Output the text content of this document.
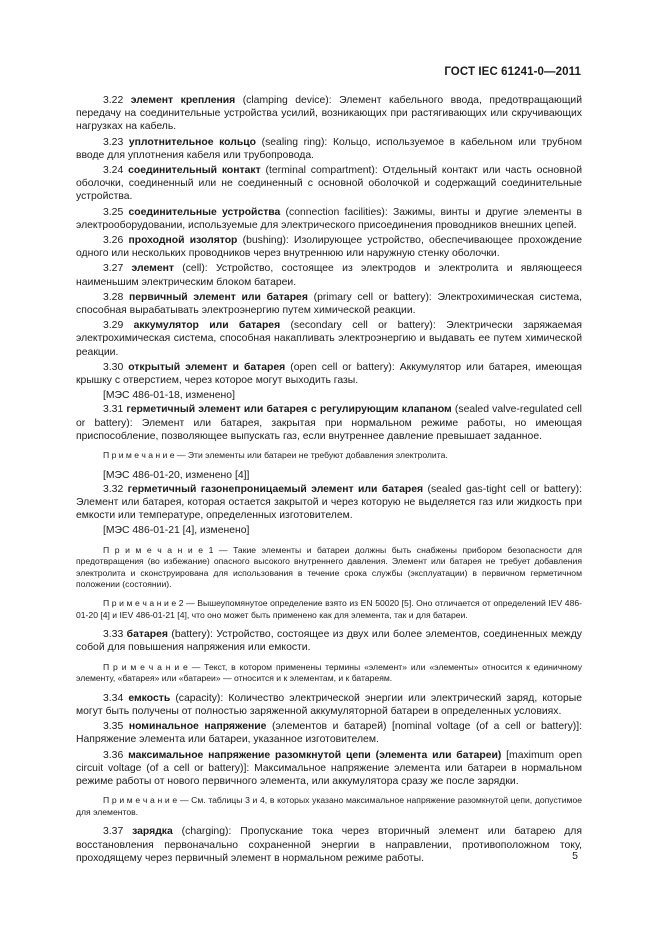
ГОСТ IEC 61241-0—2011

3.22 элемент крепления (clamping device): Элемент кабельного ввода, предотвращающий передачу на соединительные устройства усилий, возникающих при растягивающих или скручивающих нагрузках на кабель.

3.23 уплотнительное кольцо (sealing ring): Кольцо, используемое в кабельном или трубном вводе для уплотнения кабеля или трубопровода.

3.24 соединительный контакт (terminal compartment): Отдельный контакт или часть основной оболочки, соединенный или не соединенный с основной оболочкой и содержащий соединительные устройства.

3.25 соединительные устройства (connection facilities): Зажимы, винты и другие элементы в электрооборудовании, используемые для электрического присоединения проводников внешних цепей.

3.26 проходной изолятор (bushing): Изолирующее устройство, обеспечивающее прохождение одного или нескольких проводников через внутреннюю или наружную стенку оболочки.

3.27 элемент (cell): Устройство, состоящее из электродов и электролита и являющееся наименьшим электрическим блоком батареи.

3.28 первичный элемент или батарея (primary cell or battery): Электрохимическая система, способная вырабатывать электроэнергию путем химической реакции.

3.29 аккумулятор или батарея (secondary cell or battery): Электрически заряжаемая электрохимическая система, способная накапливать электроэнергию и выдавать ее путем химической реакции.

3.30 открытый элемент и батарея (open cell or battery): Аккумулятор или батарея, имеющая крышку с отверстием, через которое могут выходить газы.

[МЭС 486-01-18, изменено]

3.31 герметичный элемент или батарея с регулирующим клапаном (sealed valve-regulated cell or battery): Элемент или батарея, закрытая при нормальном режиме работы, но имеющая приспособление, позволяющее выпускать газ, если внутреннее давление превышает заданное.

П р и м е ч а н и е — Эти элементы или батареи не требуют добавления электролита.

[МЭС 486-01-20, изменено [4]]

3.32 герметичный газонепроницаемый элемент или батарея (sealed gas-tight cell or battery): Элемент или батарея, которая остается закрытой и через которую не выделяется газ или жидкость при емкости или температуре, определенных изготовителем.

[МЭС 486-01-21 [4], изменено]

П р и м е ч а н и е 1 — Такие элементы и батареи должны быть снабжены прибором безопасности для предотвращения (во избежание) опасного высокого внутреннего давления. Элемент или батарея не требует добавления электролита и сконструирована для использования в течение срока службы (эксплуатации) в первичном герметичном положении (состоянии).

П р и м е ч а н и е 2 — Вышеупомянутое определение взято из EN 50020 [5]. Оно отличается от определений IEV 486-01-20 [4] и IEV 486-01-21 [4], что оно может быть применено как для элемента, так и для батареи.

3.33 батарея (battery): Устройство, состоящее из двух или более элементов, соединенных между собой для повышения напряжения или емкости.

П р и м е ч а н и е — Текст, в котором применены термины «элемент» или «элементы» относится к единичному элементу, «батарея» или «батареи» — относится и к элементам, и к батареям.

3.34 емкость (capacity): Количество электрической энергии или электрический заряд, которые могут быть получены от полностью заряженной аккумуляторной батареи в определенных условиях.

3.35 номинальное напряжение (элементов и батарей) [nominal voltage (of a cell or battery)]: Напряжение элемента или батареи, указанное изготовителем.

3.36 максимальное напряжение разомкнутой цепи (элемента или батареи) [maximum open circuit voltage (of a cell or battery)]: Максимальное напряжение элемента или батареи в нормальном режиме работы от нового первичного элемента, или аккумулятора сразу же после зарядки.

П р и м е ч а н и е — См. таблицы 3 и 4, в которых указано максимальное напряжение разомкнутой цепи, допустимое для элементов.

3.37 зарядка (charging): Пропускание тока через вторичный элемент или батарею для восстановления первоначально сохраненной энергии в направлении, противоположном току, проходящему через первичный элемент в нормальном режиме работы.	5
